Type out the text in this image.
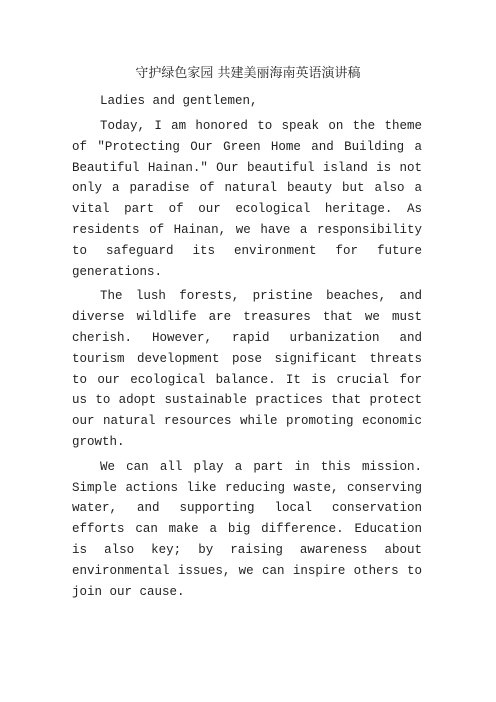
守护绿色家园 共建美丽海南英语演讲稿

Ladies and gentlemen,

Today, I am honored to speak on the theme of "Protecting Our Green Home and Building a Beautiful Hainan." Our beautiful island is not only a paradise of natural beauty but also a vital part of our ecological heritage. As residents of Hainan, we have a responsibility to safeguard its environment for future generations.

The lush forests, pristine beaches, and diverse wildlife are treasures that we must cherish. However, rapid urbanization and tourism development pose significant threats to our ecological balance. It is crucial for us to adopt sustainable practices that protect our natural resources while promoting economic growth.

We can all play a part in this mission. Simple actions like reducing waste, conserving water, and supporting local conservation efforts can make a big difference. Education is also key; by raising awareness about environmental issues, we can inspire others to join our cause.
